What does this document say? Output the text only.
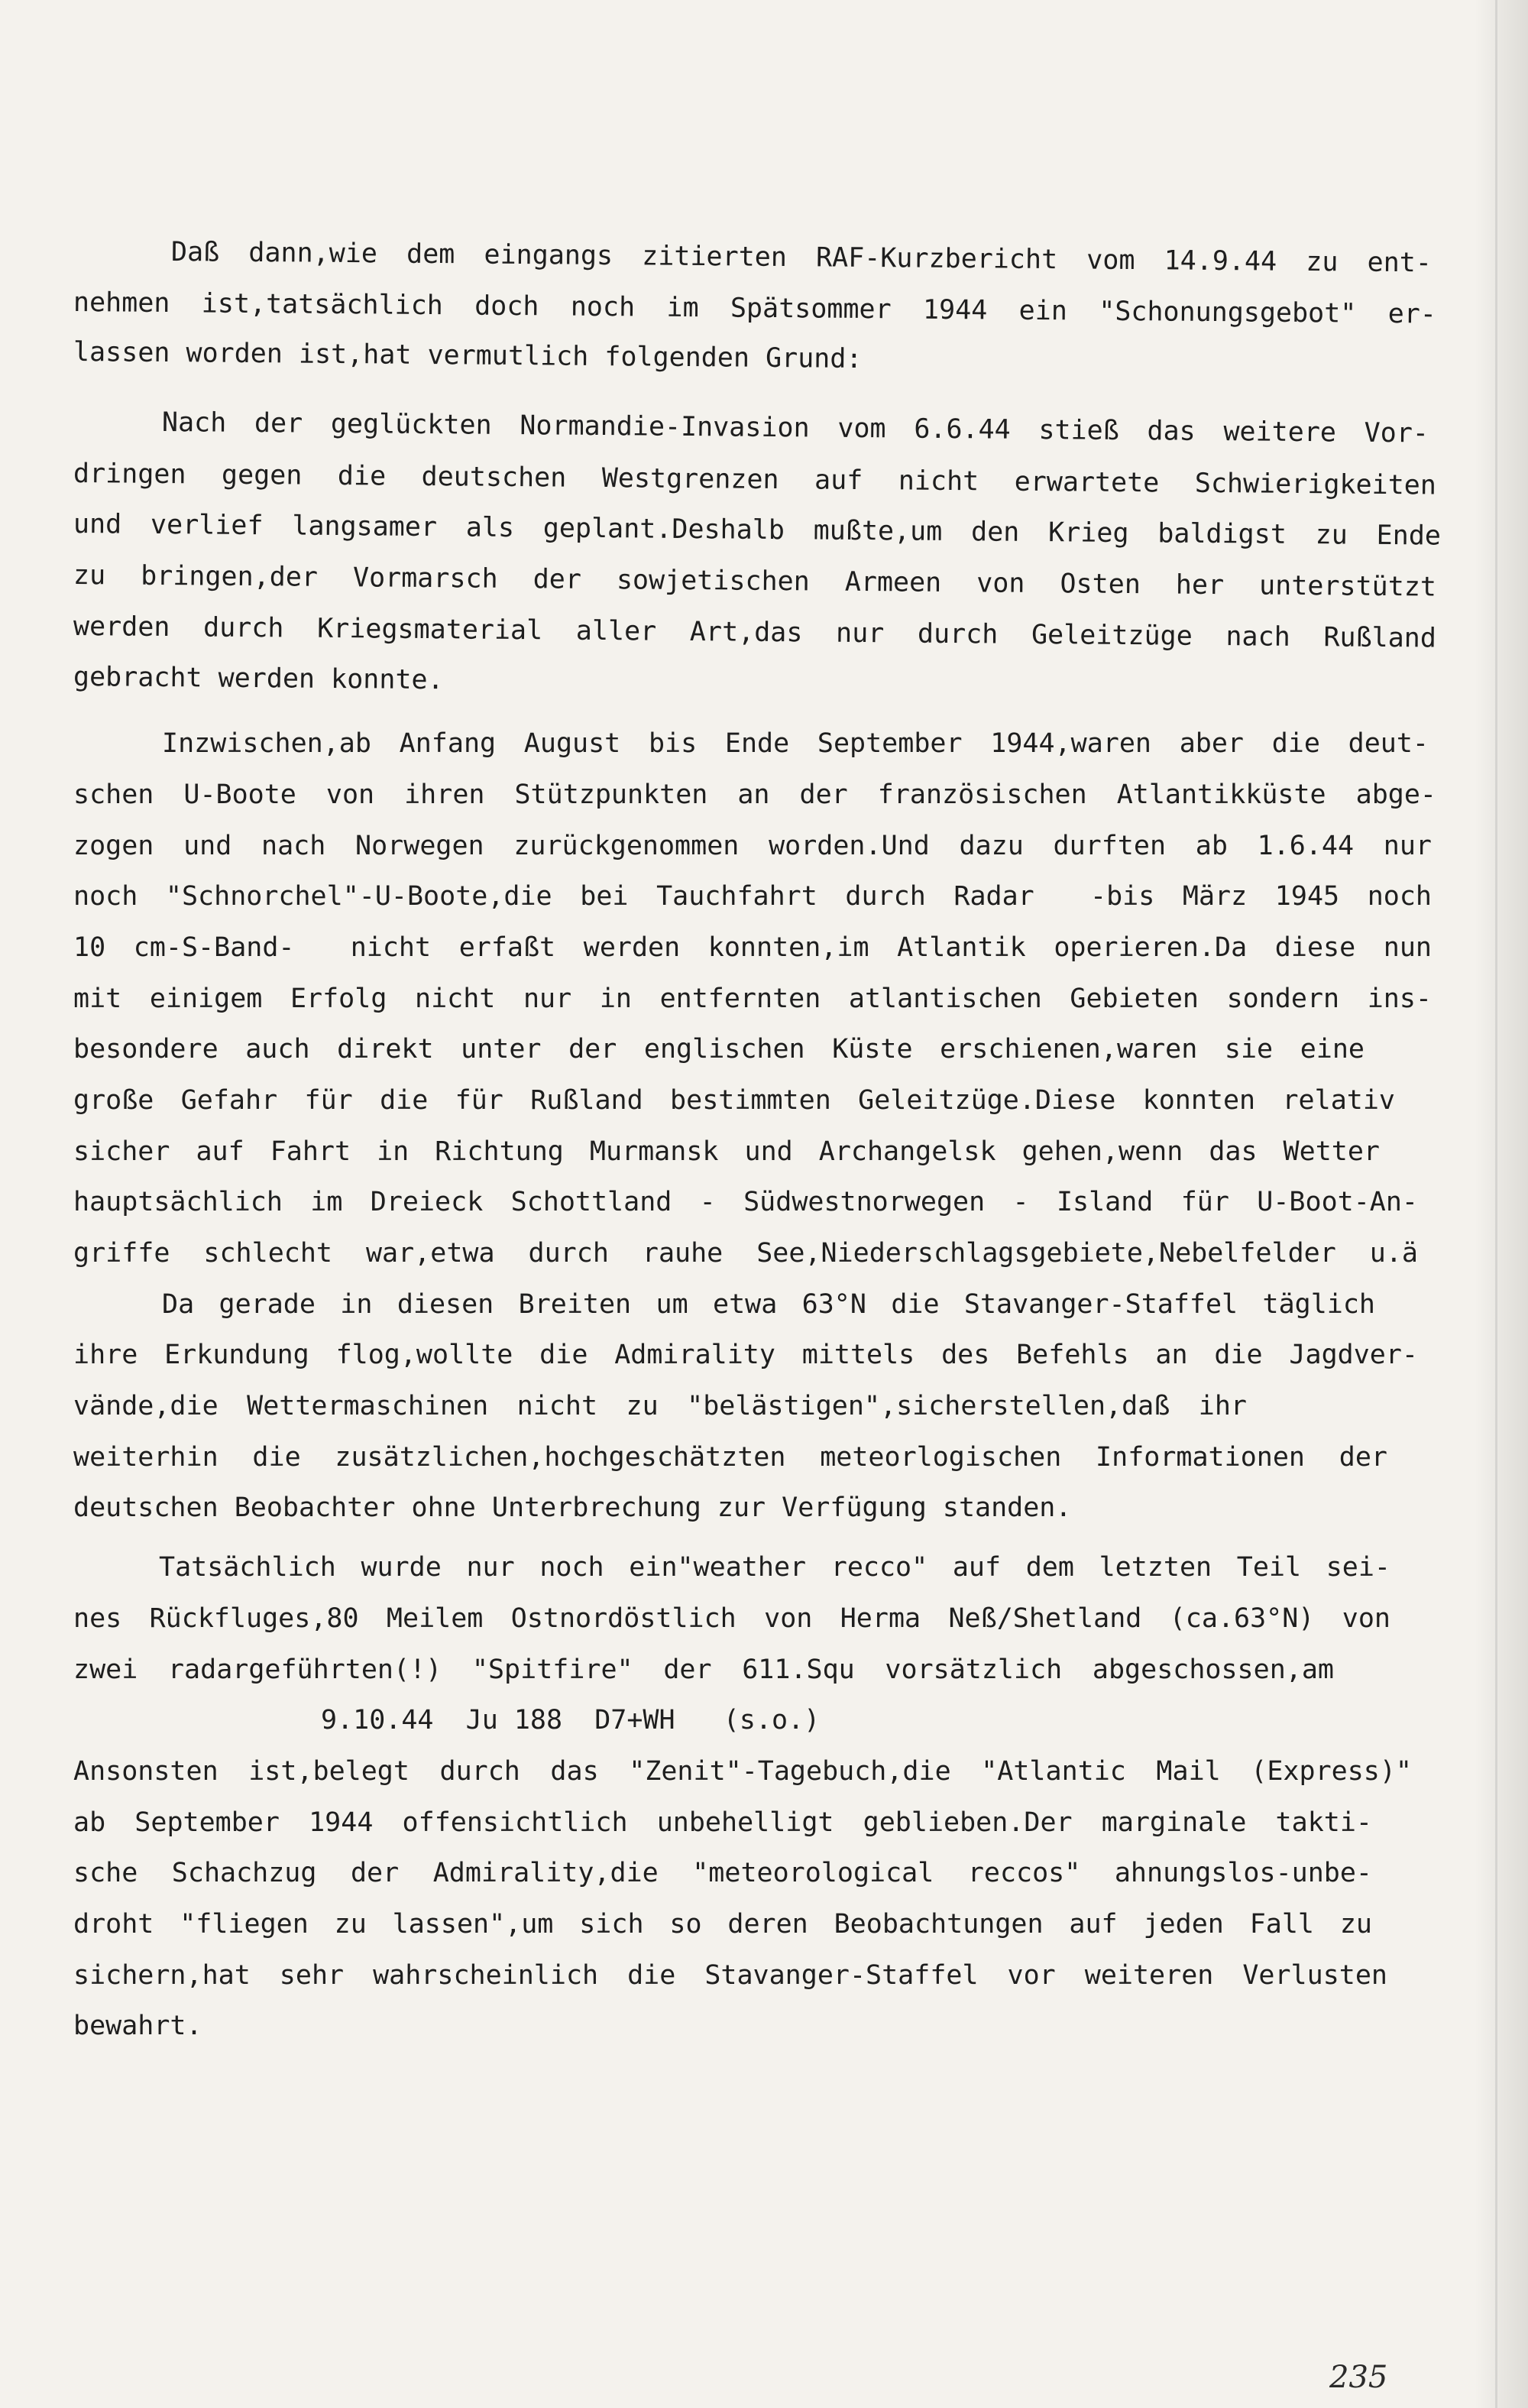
Daß dann,wie dem eingangs zitierten RAF-Kurzbericht vom 14.9.44 zu ent-
nehmen ist,tatsächlich doch noch im Spätsommer 1944 ein "Schonungsgebot" er-
lassen worden ist,hat vermutlich folgenden Grund:
Nach der geglückten Normandie-Invasion vom 6.6.44 stieß das weitere Vor-
dringen gegen die deutschen Westgrenzen auf nicht erwartete Schwierigkeiten
und verlief langsamer als geplant.Deshalb mußte,um den Krieg baldigst zu Ende
zu bringen,der Vormarsch der sowjetischen Armeen von Osten her unterstützt
werden durch Kriegsmaterial aller Art,das nur durch Geleitzüge nach Rußland
gebracht werden konnte.
Inzwischen,ab Anfang August bis Ende September 1944,waren aber die deut-
schen U-Boote von ihren Stützpunkten an der französischen Atlantikküste abge-
zogen und nach Norwegen zurückgenommen worden.Und dazu durften ab 1.6.44 nur
noch "Schnorchel"-U-Boote,die bei Tauchfahrt durch Radar  -bis März 1945 noch
10 cm-S-Band-  nicht erfaßt werden konnten,im Atlantik operieren.Da diese nun
mit einigem Erfolg nicht nur in entfernten atlantischen Gebieten sondern ins-
besondere auch direkt unter der englischen Küste erschienen,waren sie eine
große Gefahr für die für Rußland bestimmten Geleitzüge.Diese konnten relativ
sicher auf Fahrt in Richtung Murmansk und Archangelsk gehen,wenn das Wetter
hauptsächlich im Dreieck Schottland - Südwestnorwegen - Island für U-Boot-An-
griffe schlecht war,etwa durch rauhe See,Niederschlagsgebiete,Nebelfelder u.ä
Da gerade in diesen Breiten um etwa 63°N die Stavanger-Staffel täglich
ihre Erkundung flog,wollte die Admirality mittels des Befehls an die Jagdver-
vände,die Wettermaschinen nicht zu "belästigen",sicherstellen,daß ihr
weiterhin die zusätzlichen,hochgeschätzten meteorlogischen Informationen der
deutschen Beobachter ohne Unterbrechung zur Verfügung standen.
Tatsächlich wurde nur noch ein"weather recco" auf dem letzten Teil sei-
nes Rückfluges,80 Meilem Ostnordöstlich von Herma Neß/Shetland (ca.63°N) von
zwei radargeführten(!) "Spitfire" der 611.Squ vorsätzlich abgeschossen,am
9.10.44  Ju 188  D7+WH   (s.o.)
Ansonsten ist,belegt durch das "Zenit"-Tagebuch,die "Atlantic Mail (Express)"
ab September 1944 offensichtlich unbehelligt geblieben.Der marginale takti-
sche Schachzug der Admirality,die "meteorological reccos" ahnungslos-unbe-
droht "fliegen zu lassen",um sich so deren Beobachtungen auf jeden Fall zu
sichern,hat sehr wahrscheinlich die Stavanger-Staffel vor weiteren Verlusten
bewahrt.
235
